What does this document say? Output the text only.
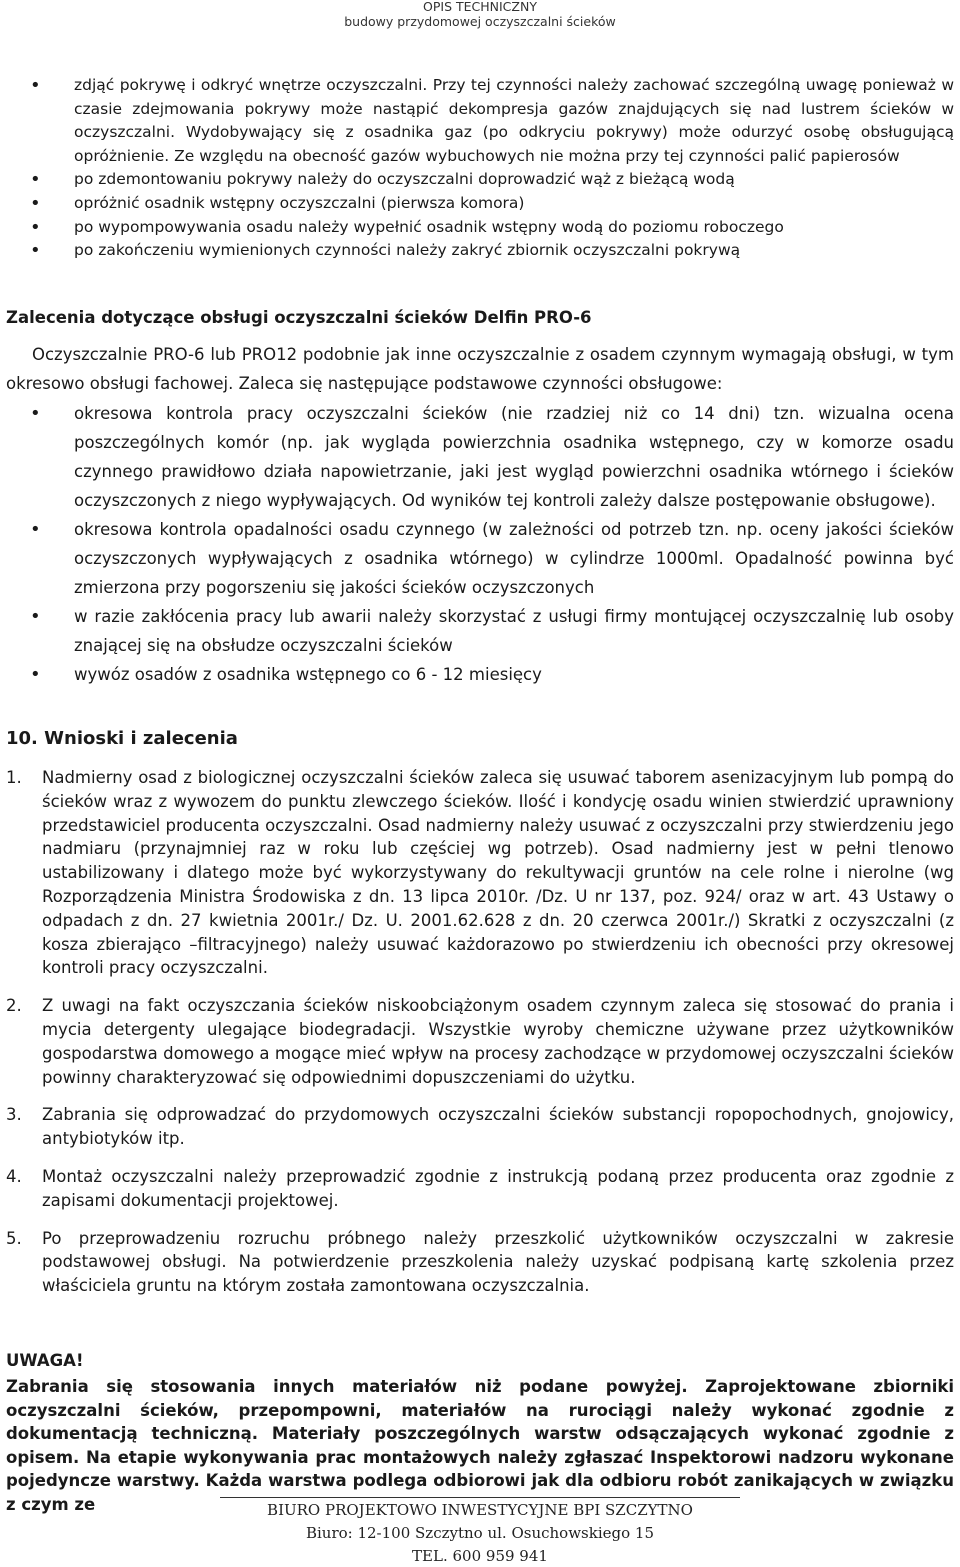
OPIS TECHNICZNY
budowy przydomowej oczyszczalni ścieków
• zdjąć pokrywę i odkryć wnętrze oczyszczalni. Przy tej czynności należy zachować szczególną uwagę ponieważ w czasie zdejmowania pokrywy może nastąpić dekompresja gazów znajdujących się nad lustrem ścieków w oczyszczalni. Wydobywający się z osadnika gaz (po odkryciu pokrywy) może odurzyć osobę obsługującą opróżnienie. Ze względu na obecność gazów wybuchowych nie można przy tej czynności palić papierosów
• po zdemontowaniu pokrywy należy do oczyszczalni doprowadzić wąż z bieżącą wodą
• opróżnić osadnik wstępny oczyszczalni (pierwsza komora)
• po wypompowywania osadu należy wypełnić osadnik wstępny wodą do poziomu roboczego
• po zakończeniu wymienionych czynności należy zakryć zbiornik oczyszczalni pokrywą
Zalecenia dotyczące obsługi oczyszczalni ścieków Delfin PRO-6

Oczyszczalnie PRO-6 lub PRO12 podobnie jak inne oczyszczalnie z osadem czynnym wymagają obsługi, w tym okresowo obsługi fachowej. Zaleca się następujące podstawowe czynności obsługowe:

• okresowa kontrola pracy oczyszczalni ścieków (nie rzadziej niż co 14 dni) tzn. wizualna ocena poszczególnych komór (np. jak wygląda powierzchnia osadnika wstępnego, czy w komorze osadu czynnego prawidłowo działa napowietrzanie, jaki jest wygląd powierzchni osadnika wtórnego i ścieków oczyszczonych z niego wypływających. Od wyników tej kontroli zależy dalsze postępowanie obsługowe).
• okresowa kontrola opadalności osadu czynnego (w zależności od potrzeb tzn. np. oceny jakości ścieków oczyszczonych wypływających z osadnika wtórnego) w cylindrze 1000ml. Opadalność powinna być zmierzona przy pogorszeniu się jakości ścieków oczyszczonych
• w razie zakłócenia pracy lub awarii należy skorzystać z usługi firmy montującej oczyszczalnię lub osoby znającej się na obsłudze oczyszczalni ścieków
• wywóz osadów z osadnika wstępnego co 6 - 12 miesięcy
10. Wnioski i zalecenia
1. Nadmierny osad z biologicznej oczyszczalni ścieków zaleca się usuwać taborem asenizacyjnym lub pompą do ścieków wraz z wywozem do punktu zlewczego ścieków. Ilość i kondycję osadu winien stwierdzić uprawniony przedstawiciel producenta oczyszczalni. Osad nadmierny należy usuwać z oczyszczalni przy stwierdzeniu jego nadmiaru (przynajmniej raz w roku lub częściej wg potrzeb). Osad nadmierny jest w pełni tlenowo ustabilizowany i dlatego może być wykorzystywany do rekultywacji gruntów na cele rolne i nierolne (wg Rozporządzenia Ministra Środowiska z dn. 13 lipca 2010r. /Dz. U nr 137, poz. 924/ oraz w art. 43 Ustawy o odpadach z dn. 27 kwietnia 2001r./ Dz. U. 2001.62.628 z dn. 20 czerwca 2001r./) Skratki z oczyszczalni (z kosza zbierająco –filtracyjnego) należy usuwać każdorazowo po stwierdzeniu ich obecności przy okresowej kontroli pracy oczyszczalni.
2. Z uwagi na fakt oczyszczania ścieków niskoobciążonym osadem czynnym zaleca się stosować do prania i mycia detergenty ulegające biodegradacji. Wszystkie wyroby chemiczne używane przez użytkowników gospodarstwa domowego a mogące mieć wpływ na procesy zachodzące w przydomowej oczyszczalni ścieków powinny charakteryzować się odpowiednimi dopuszczeniami do użytku.
3. Zabrania się odprowadzać do przydomowych oczyszczalni ścieków substancji ropopochodnych, gnojowicy, antybiotyków itp.
4. Montaż oczyszczalni należy przeprowadzić zgodnie z instrukcją podaną przez producenta oraz zgodnie z zapisami dokumentacji projektowej.
5. Po przeprowadzeniu rozruchu próbnego należy przeszkolić użytkowników oczyszczalni w zakresie podstawowej obsługi. Na potwierdzenie przeszkolenia należy uzyskać podpisaną kartę szkolenia przez właściciela gruntu na którym została zamontowana oczyszczalnia.
UWAGA!

Zabrania się stosowania innych materiałów niż podane powyżej. Zaprojektowane zbiorniki oczyszczalni ścieków, przepompowni, materiałów na rurociągi należy wykonać zgodnie z dokumentacją techniczną. Materiały poszczególnych warstw odsączających wykonać zgodnie z opisem. Na etapie wykonywania prac montażowych należy zgłaszać Inspektorowi nadzoru wykonane pojedyncze warstwy. Każda warstwa podlega odbiorowi jak dla odbioru robót zanikających w związku z czym ze	BIURO PROJEKTOWO INWESTYCYJNE BPI SZCZYTNO
Biuro: 12-100 Szczytno ul. Osuchowskiego 15
TEL. 600 959 941
